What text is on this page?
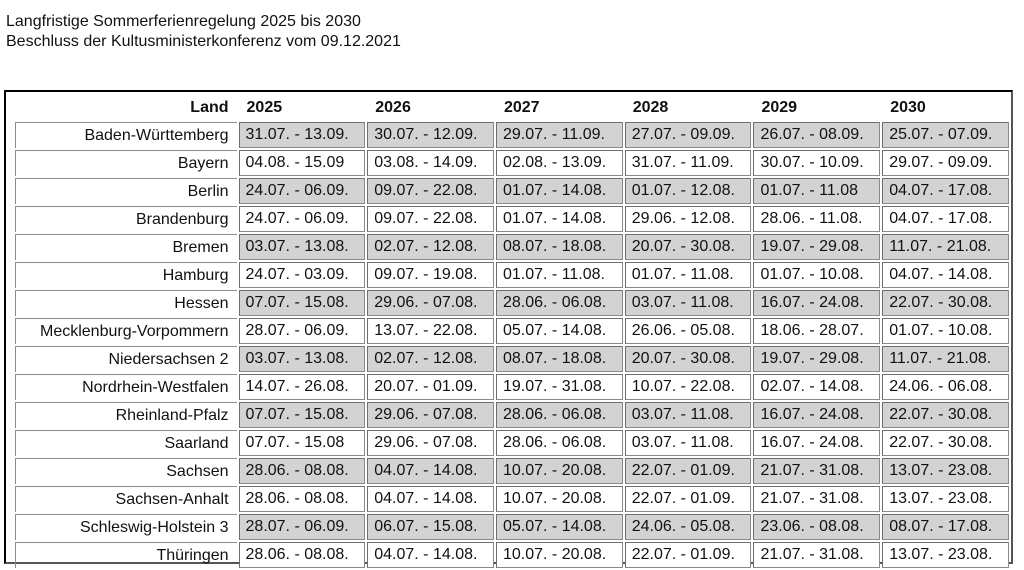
Langfristige Sommerferienregelung 2025 bis 2030
Beschluss der Kultusministerkonferenz vom 09.12.2021
Land	2025	2026	2027	2028	2029	2030
Baden-Württemberg	31.07. - 13.09.	30.07. - 12.09.	29.07. - 11.09.	27.07. - 09.09.	26.07. - 08.09.	25.07. - 07.09.
Bayern	04.08. - 15.09	03.08. - 14.09.	02.08. - 13.09.	31.07. - 11.09.	30.07. - 10.09.	29.07. - 09.09.
Berlin	24.07. - 06.09.	09.07. - 22.08.	01.07. - 14.08.	01.07. - 12.08.	01.07. - 11.08	04.07. - 17.08.
Brandenburg	24.07. - 06.09.	09.07. - 22.08.	01.07. - 14.08.	29.06. - 12.08.	28.06. - 11.08.	04.07. - 17.08.
Bremen	03.07. - 13.08.	02.07. - 12.08.	08.07. - 18.08.	20.07. - 30.08.	19.07. - 29.08.	11.07. - 21.08.
Hamburg	24.07. - 03.09.	09.07. - 19.08.	01.07. - 11.08.	01.07. - 11.08.	01.07. - 10.08.	04.07. - 14.08.
Hessen	07.07. - 15.08.	29.06. - 07.08.	28.06. - 06.08.	03.07. - 11.08.	16.07. - 24.08.	22.07. - 30.08.
Mecklenburg-Vorpommern	28.07. - 06.09.	13.07. - 22.08.	05.07. - 14.08.	26.06. - 05.08.	18.06. - 28.07.	01.07. - 10.08.
Niedersachsen 2	03.07. - 13.08.	02.07. - 12.08.	08.07. - 18.08.	20.07. - 30.08.	19.07. - 29.08.	11.07. - 21.08.
Nordrhein-Westfalen	14.07. - 26.08.	20.07. - 01.09.	19.07. - 31.08.	10.07. - 22.08.	02.07. - 14.08.	24.06. - 06.08.
Rheinland-Pfalz	07.07. - 15.08.	29.06. - 07.08.	28.06. - 06.08.	03.07. - 11.08.	16.07. - 24.08.	22.07. - 30.08.
Saarland	07.07. - 15.08	29.06. - 07.08.	28.06. - 06.08.	03.07. - 11.08.	16.07. - 24.08.	22.07. - 30.08.
Sachsen	28.06. - 08.08.	04.07. - 14.08.	10.07. - 20.08.	22.07. - 01.09.	21.07. - 31.08.	13.07. - 23.08.
Sachsen-Anhalt	28.06. - 08.08.	04.07. - 14.08.	10.07. - 20.08.	22.07. - 01.09.	21.07. - 31.08.	13.07. - 23.08.
Schleswig-Holstein 3	28.07. - 06.09.	06.07. - 15.08.	05.07. - 14.08.	24.06. - 05.08.	23.06. - 08.08.	08.07. - 17.08.
Thüringen	28.06. - 08.08.	04.07. - 14.08.	10.07. - 20.08.	22.07. - 01.09.	21.07. - 31.08.	13.07. - 23.08.
